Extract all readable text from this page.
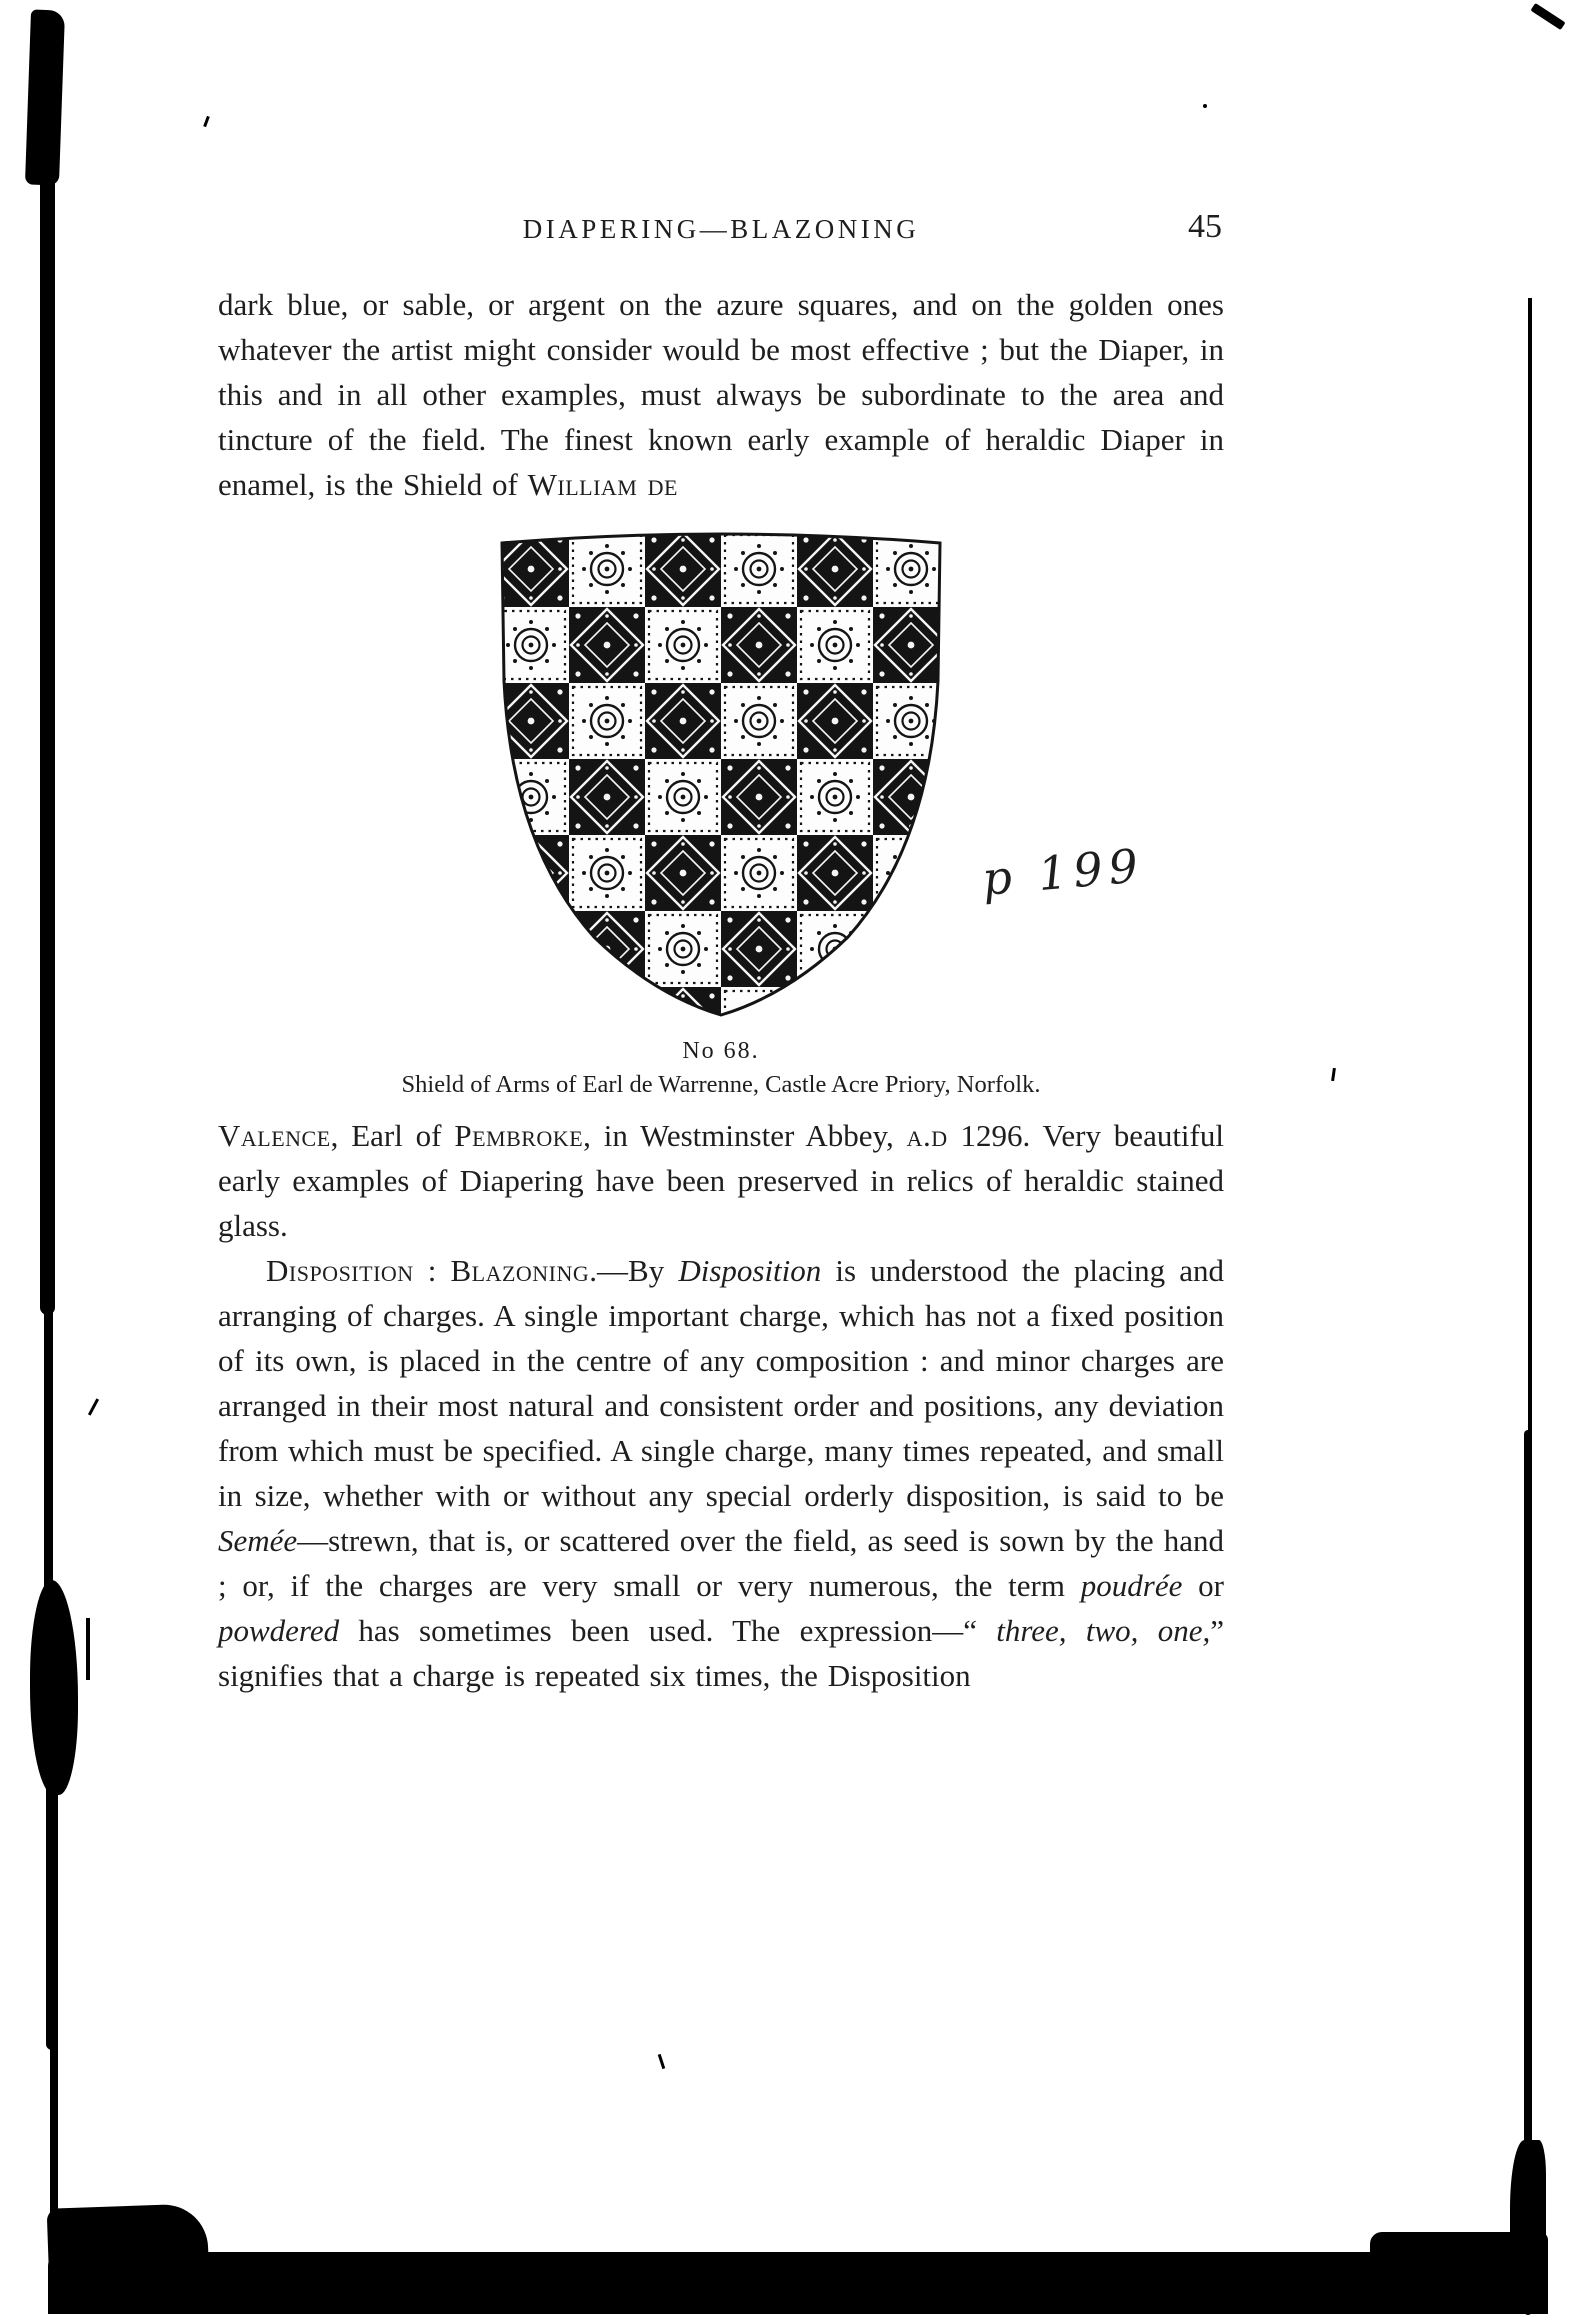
p 199
DIAPERING—BLAZONING	45

dark blue, or sable, or argent on the azure squares, and on the golden ones whatever the artist might consider would be most effective ; but the Diaper, in this and in all other examples, must always be subordinate to the area and tincture of the field. The finest known early example of heraldic Diaper in enamel, is the Shield of William de

No 68.
Shield of Arms of Earl de Warrenne, Castle Acre Priory, Norfolk.

Valence, Earl of Pembroke, in Westminster Abbey, a.d 1296. Very beautiful early examples of Diapering have been preserved in relics of heraldic stained glass.

Disposition : Blazoning.—By Disposition is understood the placing and arranging of charges. A single important charge, which has not a fixed position of its own, is placed in the centre of any composition : and minor charges are arranged in their most natural and consistent order and positions, any deviation from which must be specified. A single charge, many times repeated, and small in size, whether with or without any special orderly disposition, is said to be Semée—strewn, that is, or scattered over the field, as seed is sown by the hand ; or, if the charges are very small or very numerous, the term poudrée or powdered has sometimes been used. The expression—“ three, two, one,” signifies that a charge is repeated six times, the Disposition
